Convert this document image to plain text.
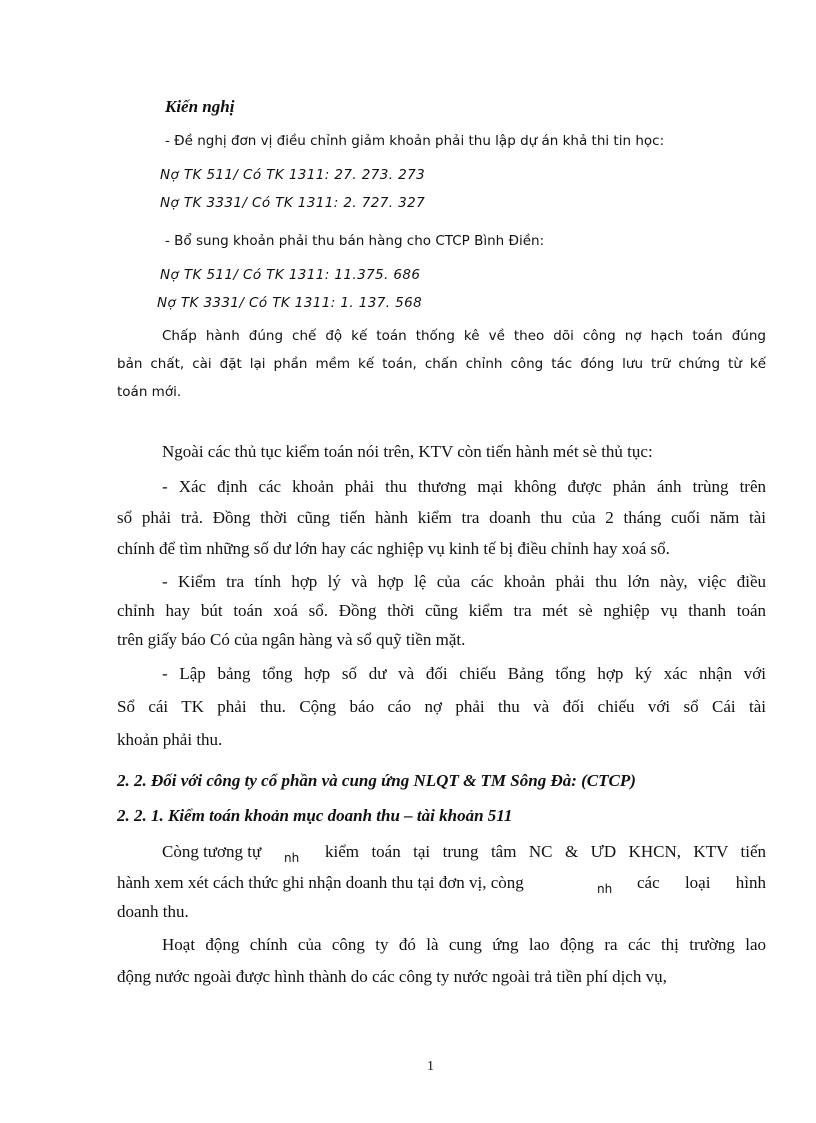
Kiến nghị
- Đề nghị đơn vị điều chỉnh giảm khoản phải thu lập dự án khả thi tin học:
Nợ TK 511/ Có TK 1311: 27. 273. 273
Nợ TK 3331/ Có TK 1311: 2. 727. 327
- Bổ sung khoản phải thu bán hàng cho CTCP Bình Điền:
Nợ TK 511/ Có TK 1311: 11.375. 686
Nợ TK 3331/ Có TK 1311: 1. 137. 568
Chấp hành đúng chế độ kế toán thống kê về theo dõi công nợ hạch toán đúng
bản chất, cài đặt lại phần mềm kế toán, chấn chỉnh công tác đóng lưu trữ chứng từ kế
toán mới.
Ngoài các thủ tục kiểm toán nói trên, KTV còn tiến hành mét sè thủ tục:
- Xác định các khoản phải thu thương mại không được phản ánh trùng trên
sổ phải trả. Đồng thời cũng tiến hành kiểm tra doanh thu của 2 tháng cuối năm tài
chính để tìm những số dư lớn hay các nghiệp vụ kinh tế bị điều chỉnh hay xoá sổ.
- Kiểm tra tính hợp lý và hợp lệ của các khoản phải thu lớn này, việc điều
chỉnh hay bút toán xoá sổ. Đồng thời cũng kiểm tra mét sè nghiệp vụ thanh toán
trên giấy báo Có của ngân hàng và sổ quỹ tiền mặt.
- Lập bảng tổng hợp số dư và đối chiếu Bảng tổng hợp ký xác nhận với
Sổ cái TK phải thu. Cộng báo cáo nợ phải thu và đối chiếu với sổ Cái tài
khoản phải thu.
2. 2. Đối với công ty cổ phần và cung ứng NLQT & TM Sông Đà: (CTCP)
2. 2. 1. Kiểm toán khoản mục doanh thu – tài khoản 511
Còng tương tự nh kiểm toán tại trung tâm NC & ƯD KHCN, KTV tiến
hành xem xét cách thức ghi nhận doanh thu tại đơn vị, còng	nh các loại hình
doanh thu.
Hoạt động chính của công ty đó là cung ứng lao động ra các thị trường lao
động nước ngoài được hình thành do các công ty nước ngoài trả tiền phí dịch vụ,
1
